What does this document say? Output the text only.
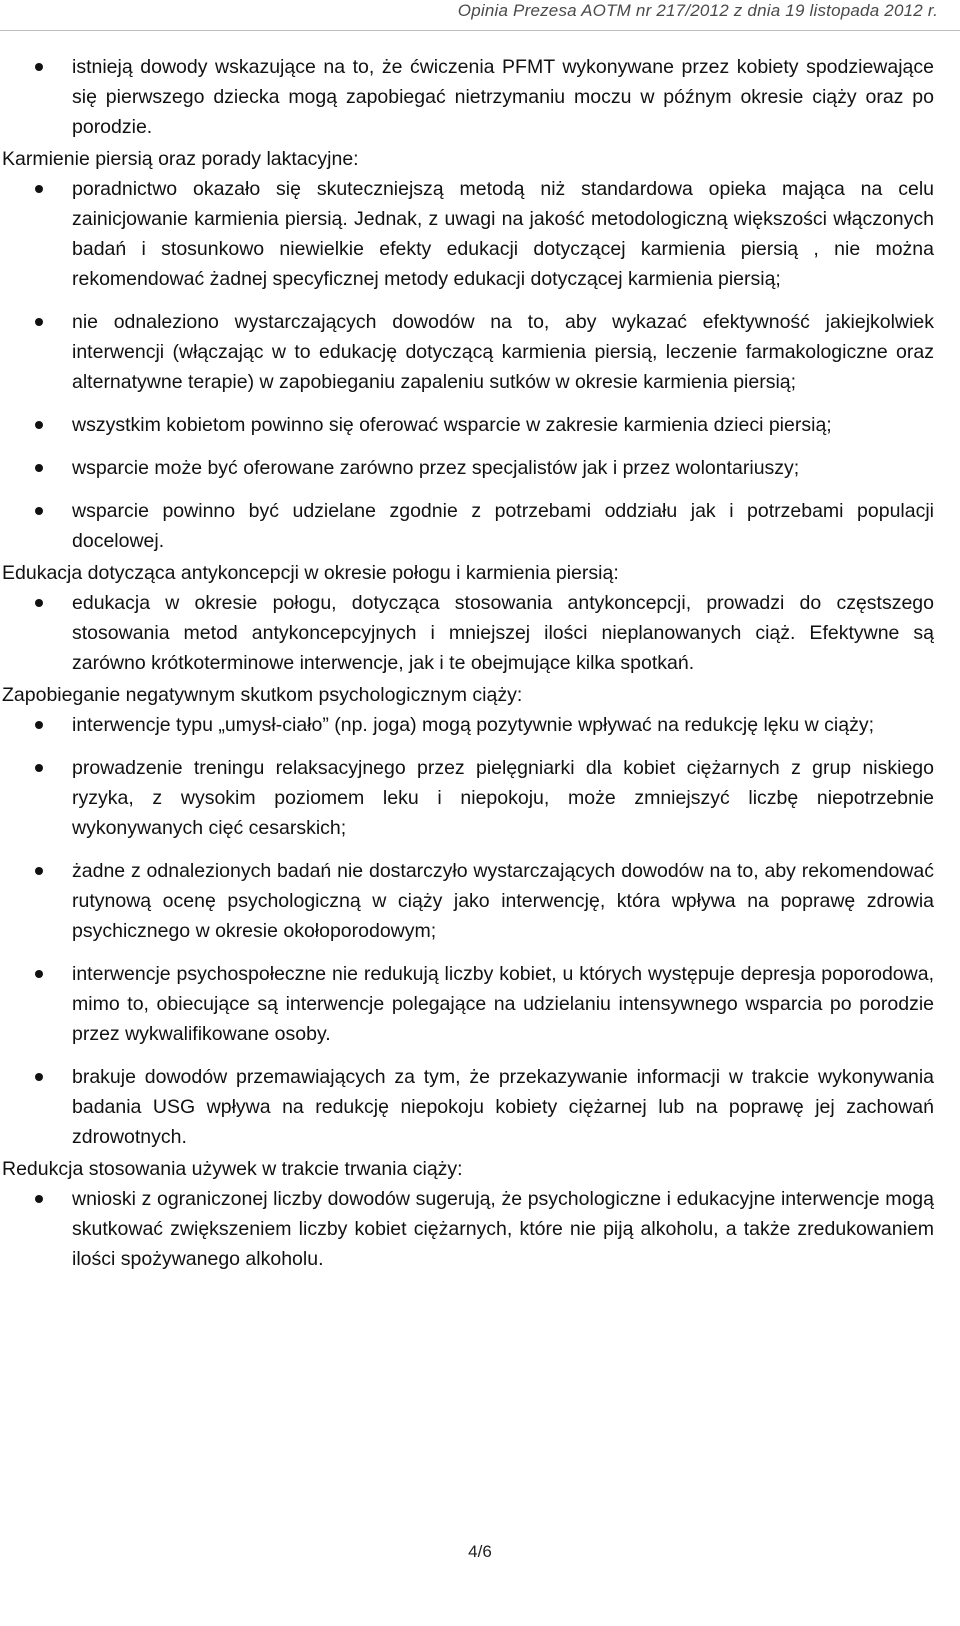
Opinia Prezesa AOTM nr 217/2012 z dnia 19 listopada 2012 r.
istnieją dowody wskazujące na to, że ćwiczenia PFMT wykonywane przez kobiety spodziewające się pierwszego dziecka mogą zapobiegać nietrzymaniu moczu w późnym okresie ciąży oraz po porodzie.

Karmienie piersią oraz porady laktacyjne:

poradnictwo okazało się skuteczniejszą metodą niż standardowa opieka mająca na celu zainicjowanie karmienia piersią. Jednak, z uwagi na jakość metodologiczną większości włączonych badań i stosunkowo niewielkie efekty edukacji dotyczącej karmienia piersią , nie można rekomendować żadnej specyficznej metody edukacji dotyczącej karmienia piersią;
nie odnaleziono wystarczających dowodów na to, aby wykazać efektywność jakiejkolwiek interwencji (włączając w to edukację dotyczącą karmienia piersią, leczenie farmakologiczne oraz alternatywne terapie) w zapobieganiu zapaleniu sutków w okresie karmienia piersią;
wszystkim kobietom powinno się oferować wsparcie w zakresie karmienia dzieci piersią;
wsparcie może być oferowane zarówno przez specjalistów jak i przez wolontariuszy;
wsparcie powinno być udzielane zgodnie z potrzebami oddziału jak i potrzebami populacji docelowej.

Edukacja dotycząca antykoncepcji w okresie połogu i karmienia piersią:

edukacja w okresie połogu, dotycząca stosowania antykoncepcji, prowadzi do częstszego stosowania metod antykoncepcyjnych i mniejszej ilości nieplanowanych ciąż. Efektywne są zarówno krótkoterminowe interwencje, jak i te obejmujące kilka spotkań.

Zapobieganie negatywnym skutkom psychologicznym ciąży:

interwencje typu „umysł-ciało” (np. joga) mogą pozytywnie wpływać na redukcję lęku w ciąży;
prowadzenie treningu relaksacyjnego przez pielęgniarki dla kobiet ciężarnych z grup niskiego ryzyka, z wysokim poziomem leku i niepokoju, może zmniejszyć liczbę niepotrzebnie wykonywanych cięć cesarskich;
żadne z odnalezionych badań nie dostarczyło wystarczających dowodów na to, aby rekomendować rutynową ocenę psychologiczną w ciąży jako interwencję, która wpływa na poprawę zdrowia psychicznego w okresie okołoporodowym;
interwencje psychospołeczne nie redukują liczby kobiet, u których występuje depresja poporodowa, mimo to, obiecujące są interwencje polegające na udzielaniu intensywnego wsparcia po porodzie przez wykwalifikowane osoby.
brakuje dowodów przemawiających za tym, że przekazywanie informacji w trakcie wykonywania badania USG wpływa na redukcję niepokoju kobiety ciężarnej lub na poprawę jej zachowań zdrowotnych.

Redukcja stosowania używek w trakcie trwania ciąży:

wnioski z ograniczonej liczby dowodów sugerują, że psychologiczne i edukacyjne interwencje mogą skutkować zwiększeniem liczby kobiet ciężarnych, które nie piją alkoholu, a także zredukowaniem ilości spożywanego alkoholu.
4/6
